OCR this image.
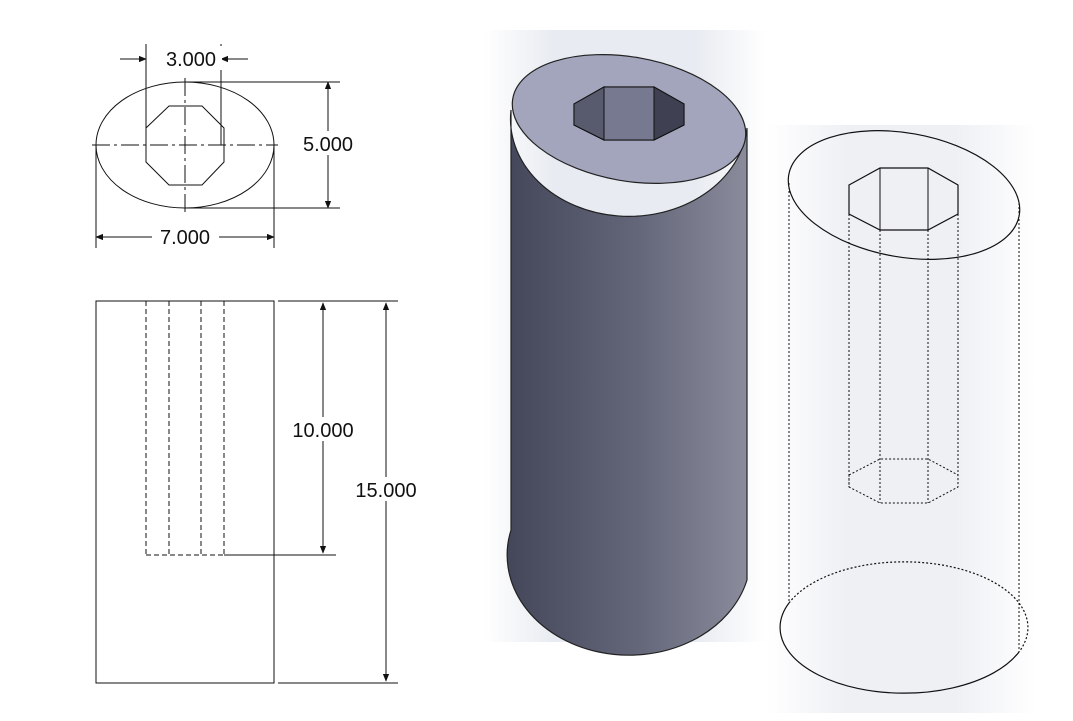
3.000
5.000
7.000
10.000
15.000
